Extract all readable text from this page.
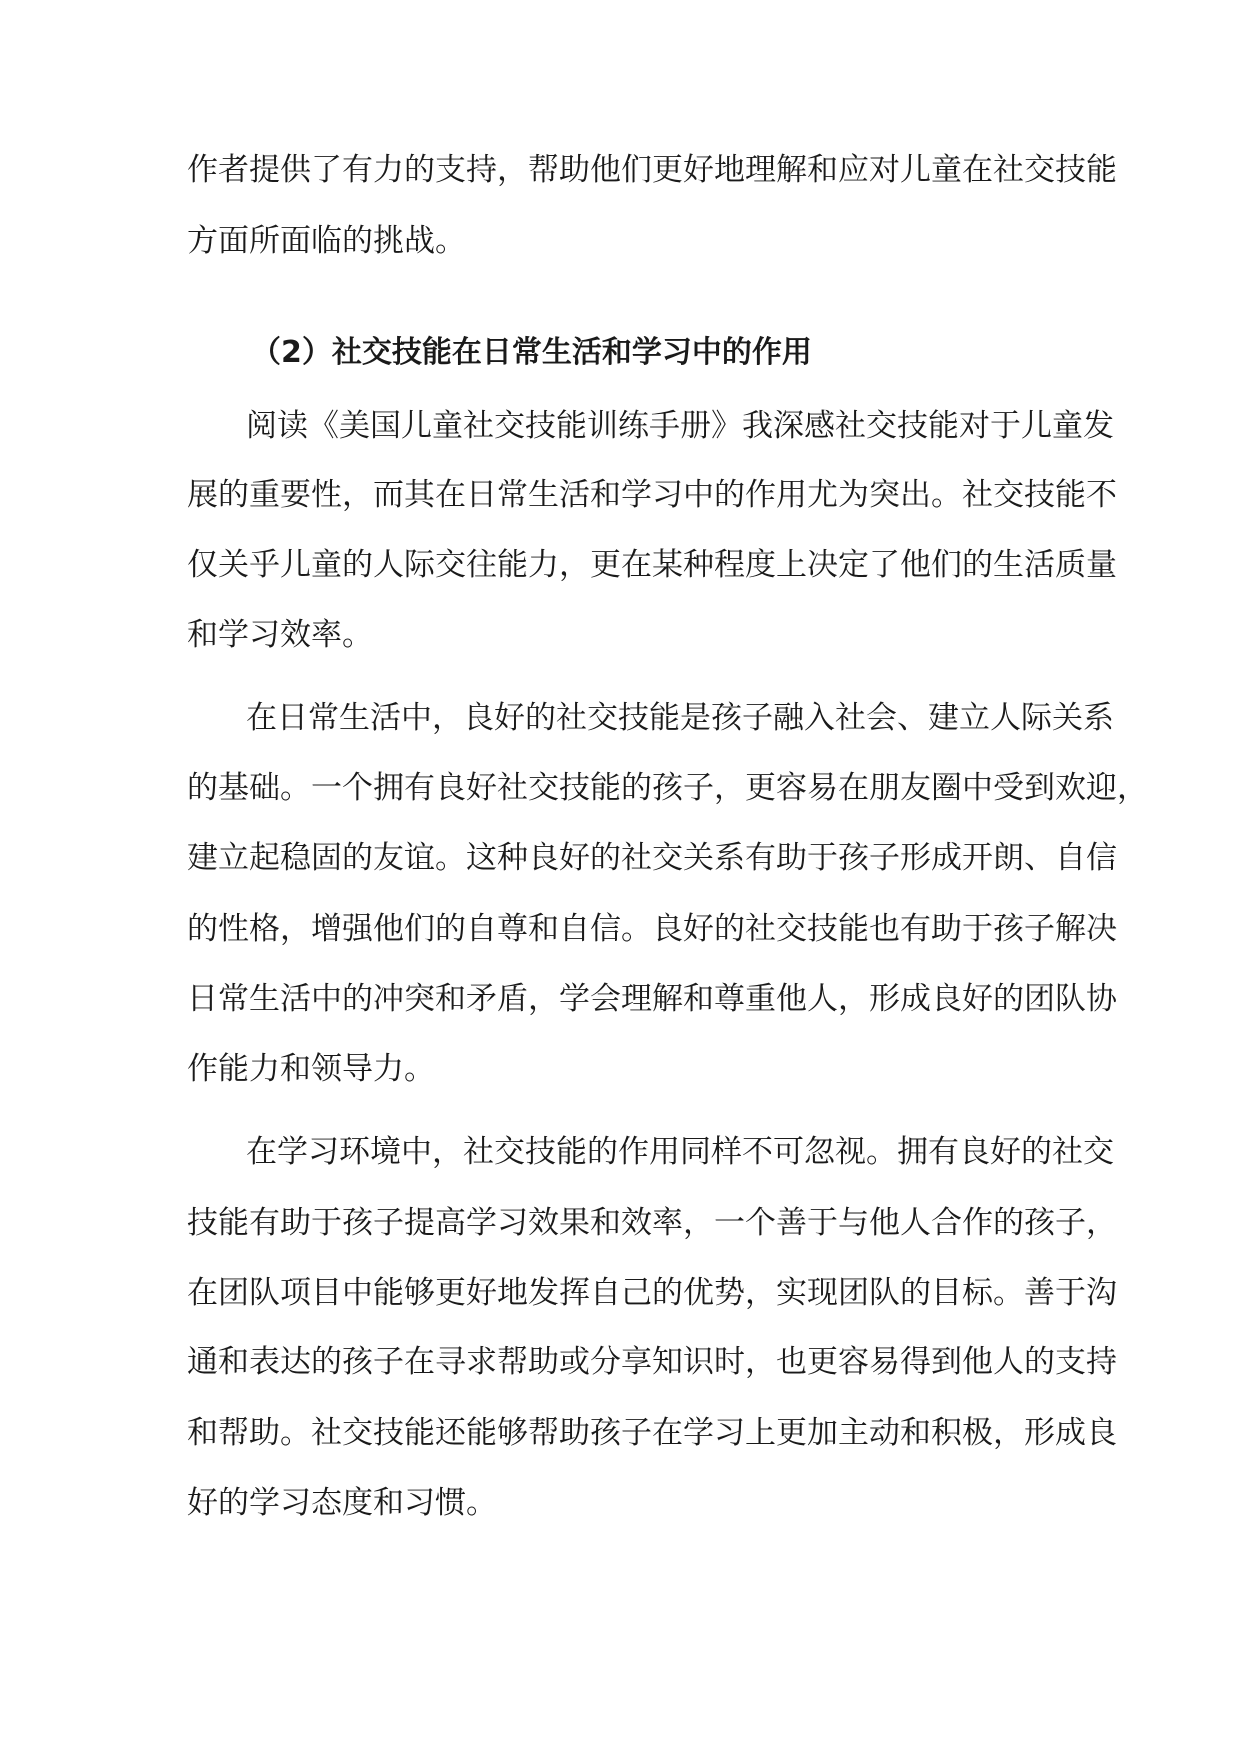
作者提供了有力的支持，帮助他们更好地理解和应对儿童在社交技能
方面所面临的挑战。
（2）社交技能在日常生活和学习中的作用
阅读《美国儿童社交技能训练手册》我深感社交技能对于儿童发
展的重要性，而其在日常生活和学习中的作用尤为突出。社交技能不
仅关乎儿童的人际交往能力，更在某种程度上决定了他们的生活质量
和学习效率。
在日常生活中，良好的社交技能是孩子融入社会、建立人际关系
的基础。一个拥有良好社交技能的孩子，更容易在朋友圈中受到欢迎，
建立起稳固的友谊。这种良好的社交关系有助于孩子形成开朗、自信
的性格，增强他们的自尊和自信。良好的社交技能也有助于孩子解决
日常生活中的冲突和矛盾，学会理解和尊重他人，形成良好的团队协
作能力和领导力。
在学习环境中，社交技能的作用同样不可忽视。拥有良好的社交
技能有助于孩子提高学习效果和效率，一个善于与他人合作的孩子，
在团队项目中能够更好地发挥自己的优势，实现团队的目标。善于沟
通和表达的孩子在寻求帮助或分享知识时，也更容易得到他人的支持
和帮助。社交技能还能够帮助孩子在学习上更加主动和积极，形成良
好的学习态度和习惯。
